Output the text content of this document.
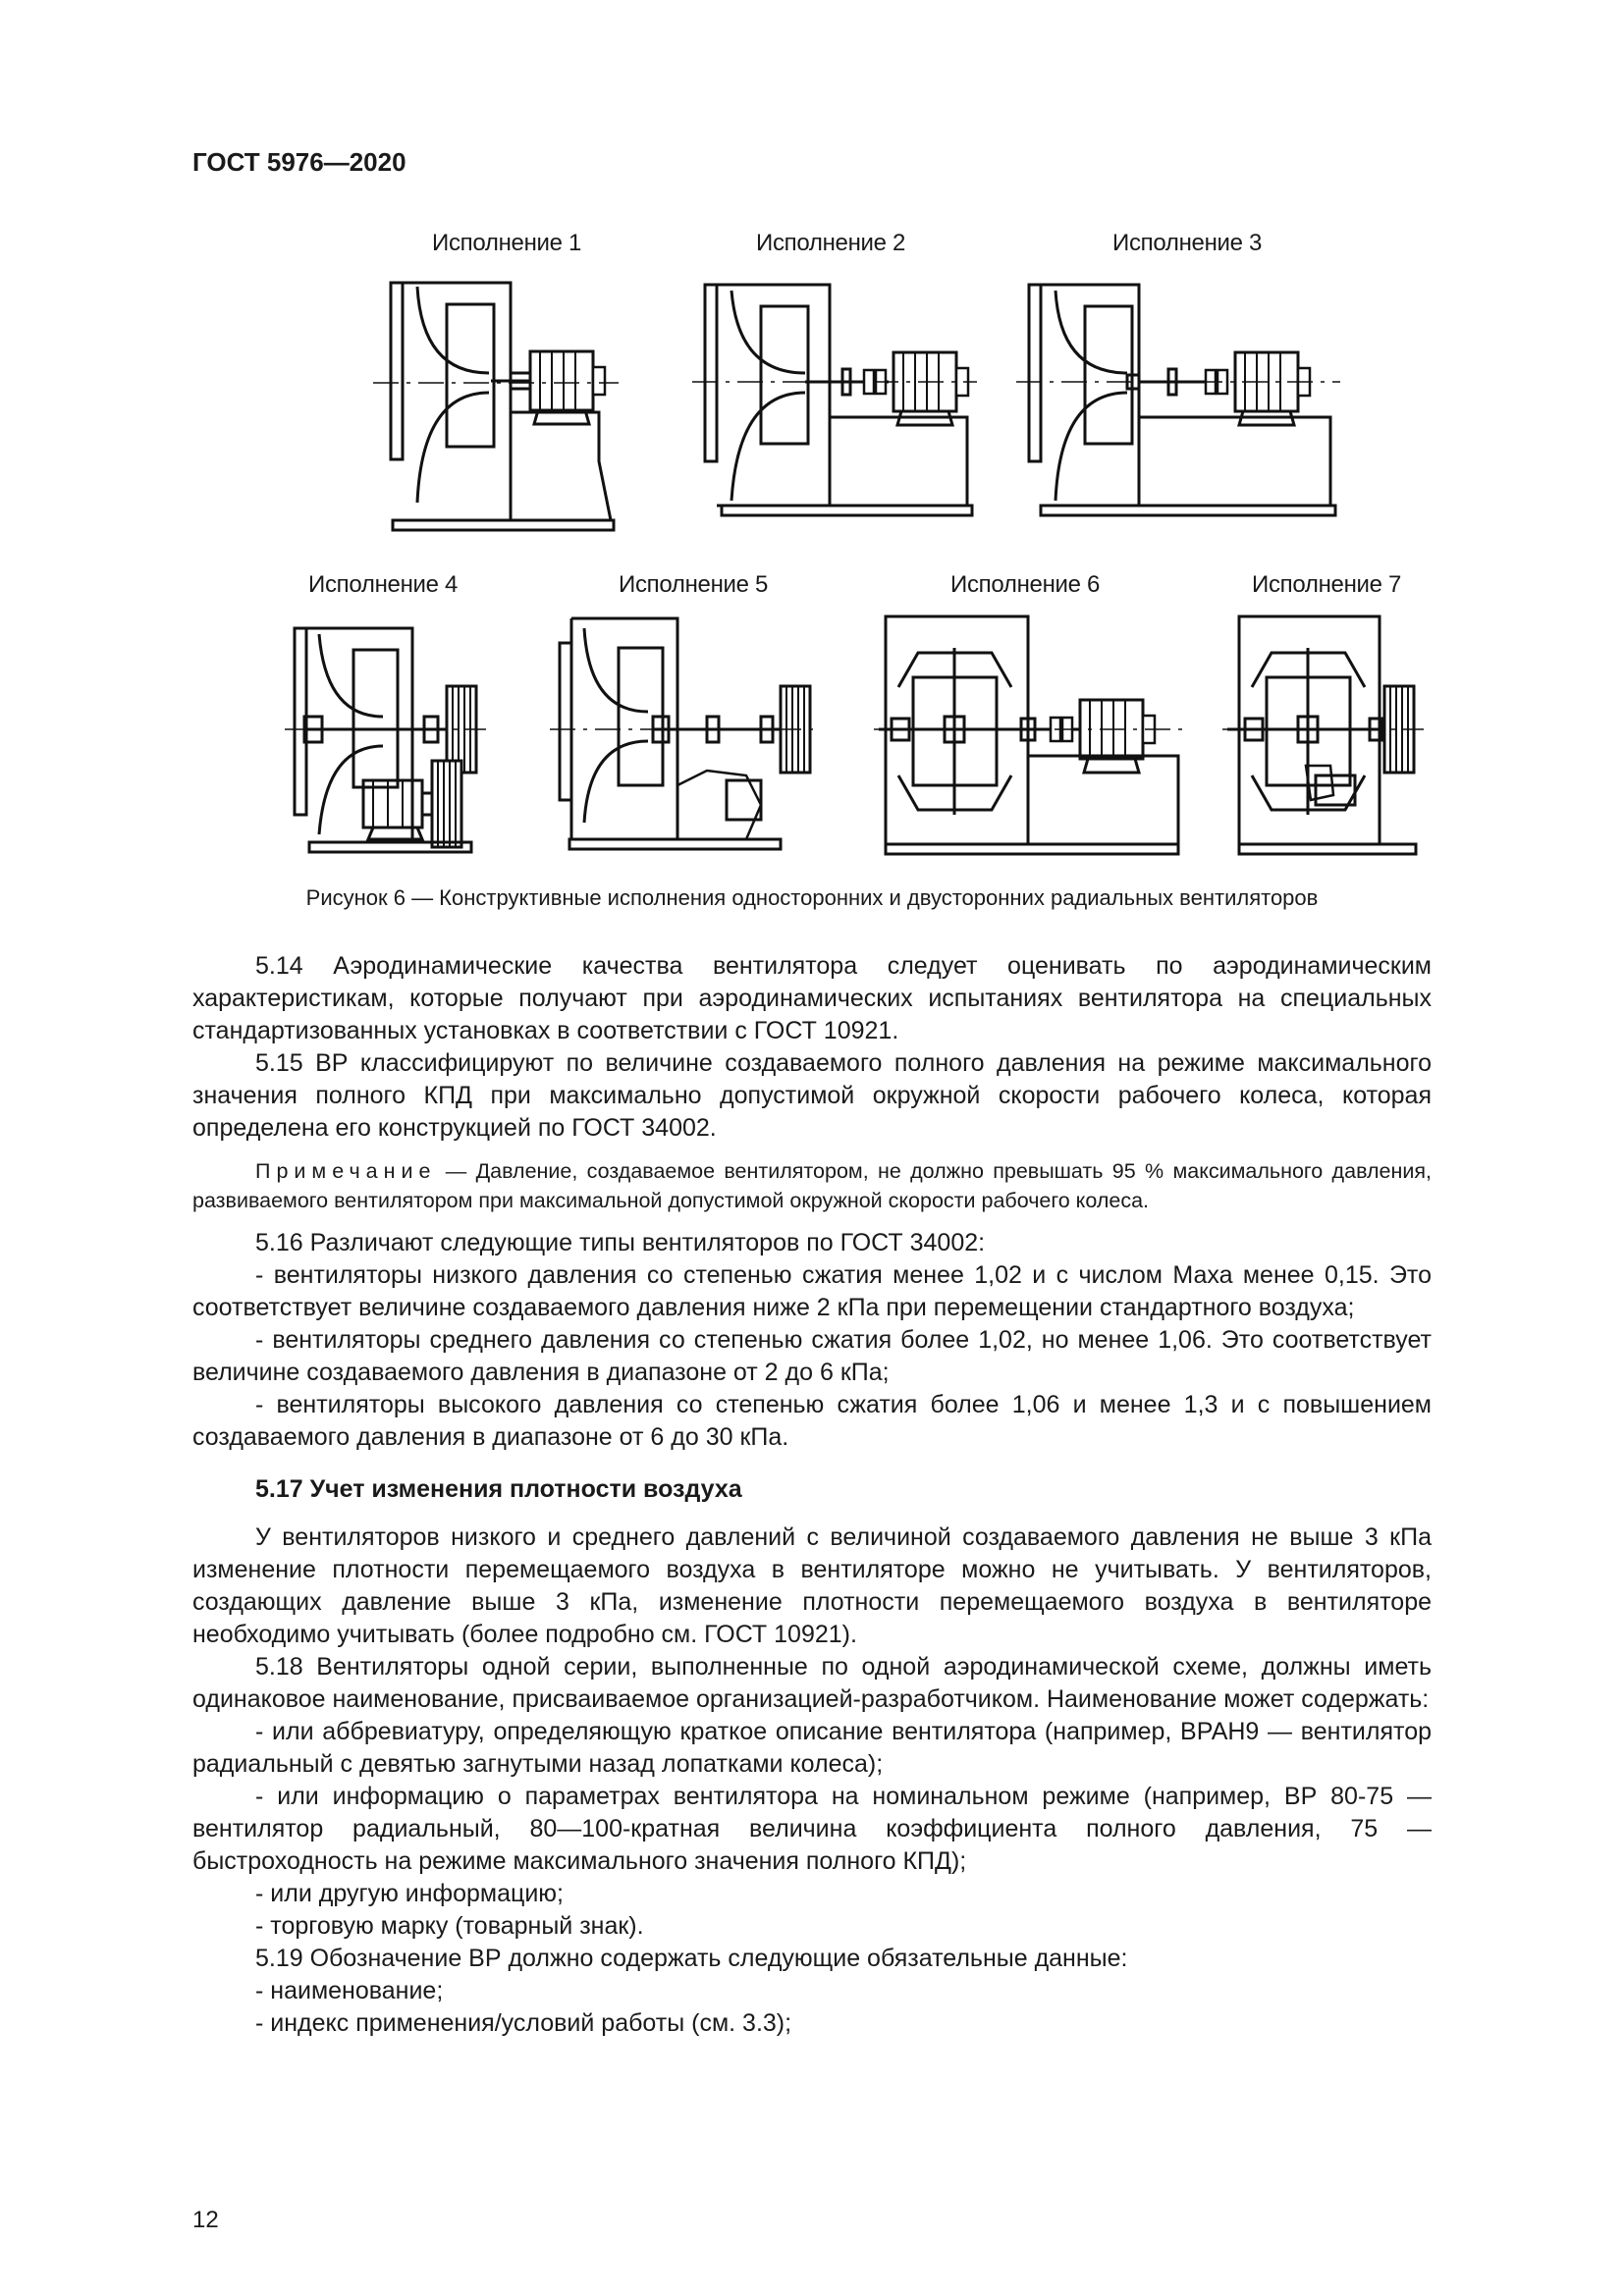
ГОСТ 5976—2020
Исполнение 1	Исполнение 2	Исполнение 3
Исполнение 4	Исполнение 5	Исполнение 6	Исполнение 7
Рисунок 6 — Конструктивные исполнения односторонних и двусторонних радиальных вентиляторов

5.14 Аэродинамические качества вентилятора следует оценивать по аэродинамическим характеристикам, которые получают при аэродинамических испытаниях вентилятора на специальных стандартизованных установках в соответствии с ГОСТ 10921.

5.15 ВР классифицируют по величине создаваемого полного давления на режиме максимального значения полного КПД при максимально допустимой окружной скорости рабочего колеса, которая определена его конструкцией по ГОСТ 34002.

Примечание — Давление, создаваемое вентилятором, не должно превышать 95 % максимального давления, развиваемого вентилятором при максимальной допустимой окружной скорости рабочего колеса.

5.16 Различают следующие типы вентиляторов по ГОСТ 34002:

- вентиляторы низкого давления со степенью сжатия менее 1,02 и с числом Маха менее 0,15. Это соответствует величине создаваемого давления ниже 2 кПа при перемещении стандартного воздуха;

- вентиляторы среднего давления со степенью сжатия более 1,02, но менее 1,06. Это соответствует величине создаваемого давления в диапазоне от 2 до 6 кПа;

- вентиляторы высокого давления со степенью сжатия более 1,06 и менее 1,3 и с повышением создаваемого давления в диапазоне от 6 до 30 кПа.

5.17 Учет изменения плотности воздуха

У вентиляторов низкого и среднего давлений с величиной создаваемого давления не выше 3 кПа изменение плотности перемещаемого воздуха в вентиляторе можно не учитывать. У вентиляторов, создающих давление выше 3 кПа, изменение плотности перемещаемого воздуха в вентиляторе необходимо учитывать (более подробно см. ГОСТ 10921).

5.18 Вентиляторы одной серии, выполненные по одной аэродинамической схеме, должны иметь одинаковое наименование, присваиваемое организацией-разработчиком. Наименование может содержать:

- или аббревиатуру, определяющую краткое описание вентилятора (например, ВРАН9 — вентилятор радиальный с девятью загнутыми назад лопатками колеса);

- или информацию о параметрах вентилятора на номинальном режиме (например, ВР 80-75 — вентилятор радиальный, 80—100-кратная величина коэффициента полного давления, 75 — быстроходность на режиме максимального значения полного КПД);

- или другую информацию;

- торговую марку (товарный знак).

5.19 Обозначение ВР должно содержать следующие обязательные данные:

- наименование;

- индекс применения/условий работы (см. 3.3);

12
